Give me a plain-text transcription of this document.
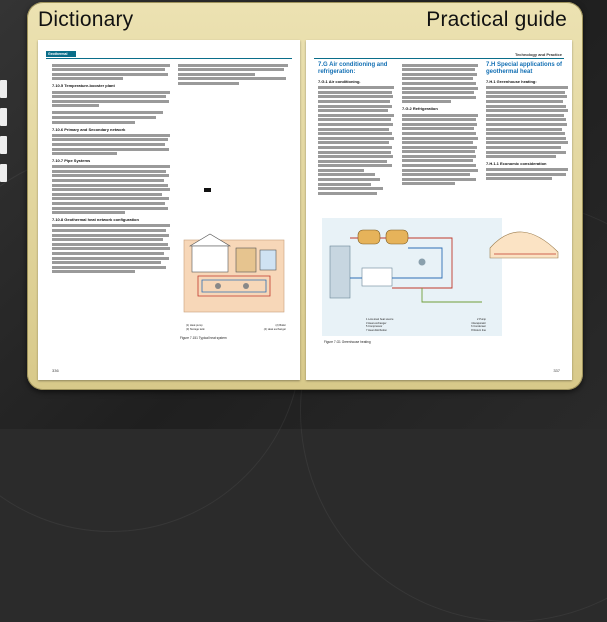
Dictionary	Practical guide
Geothermal
7.10.5 Temperature-booster plant
7.10.6 Primary and Secondary network
7.10.7 Pipe Systems
7.10.8 Geothermal heat network configuration
(1) Heat pump	(2) Boiler
(3) Storage tank	(4) Heat exchanger
Figure 7.151 Typical heat system
336
Technology and Practice
7.G Air conditioning and refrigeration:
7.G.1 Air conditioning.
7.G.2 Refrigeration
7.H Special applications of geothermal heat
7.H.1 Greenhouse heating:
7.H.1.1 Economic consideration
1 Low-level heat source	2 Pump
3 Heat exchanger	4 Evaporator
5 Compressor	6 Condenser
7 Heat distribution	8 Return line
Figure 7.G1 Greenhouse heating
337
